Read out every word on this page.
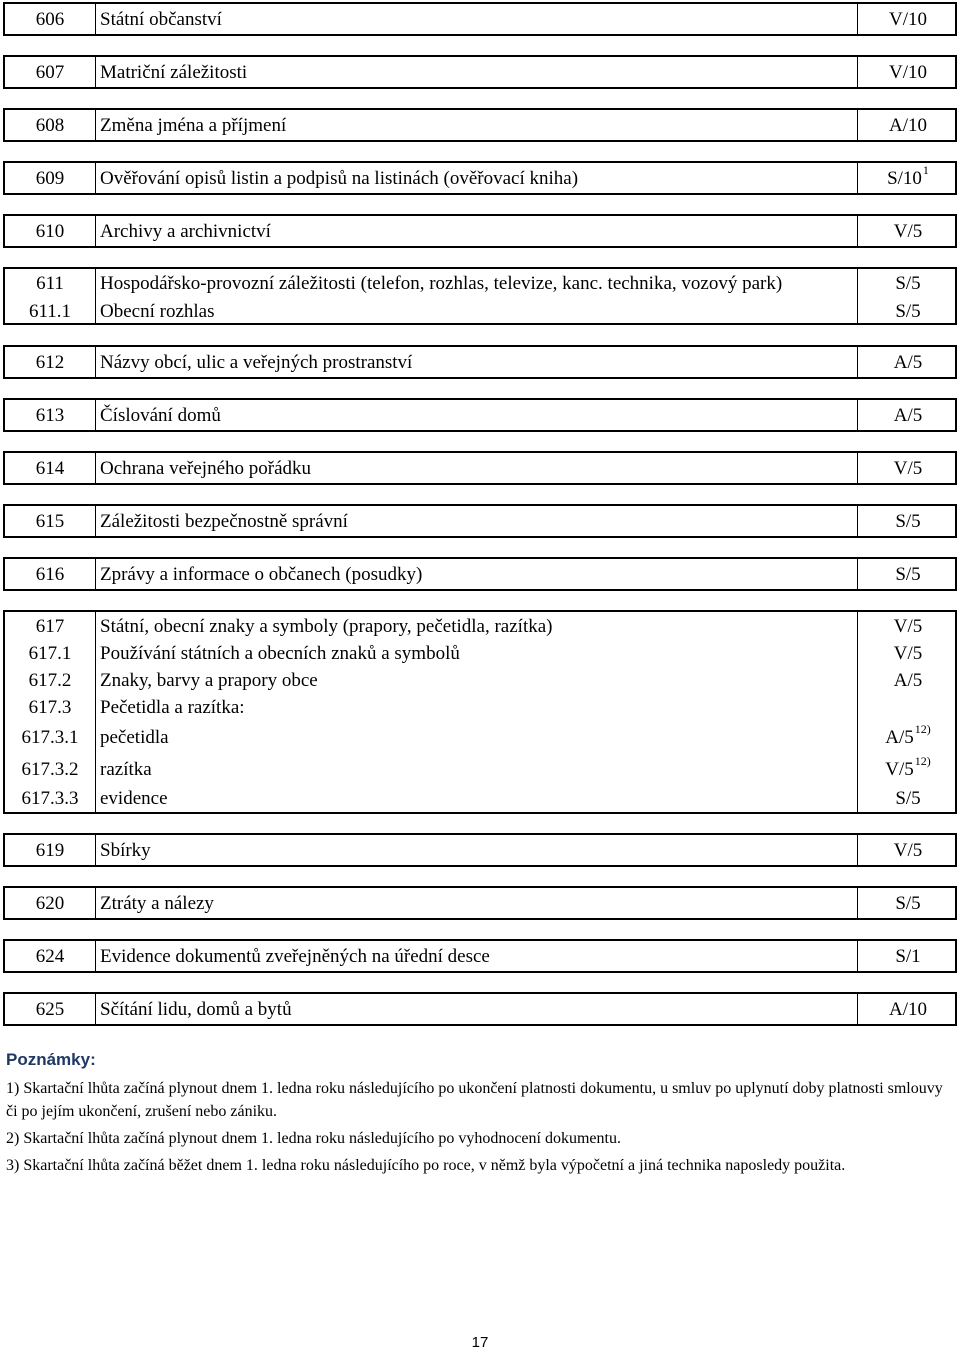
606	Státní občanství	V/10
607	Matriční záležitosti	V/10
608	Změna jména a příjmení	A/10
609	Ověřování opisů listin a podpisů na listinách (ověřovací kniha)	S/10 1
610	Archivy a archivnictví	V/5
611	Hospodářsko-provozní záležitosti (telefon, rozhlas, televize, kanc. technika, vozový park)	S/5
611.1	Obecní rozhlas	S/5
612	Názvy obcí, ulic a veřejných prostranství	A/5
613	Číslování domů	A/5
614	Ochrana veřejného pořádku	V/5
615	Záležitosti bezpečnostně správní	S/5
616	Zprávy a informace o občanech (posudky)	S/5
617	Státní, obecní znaky a symboly (prapory, pečetidla, razítka)	V/5
617.1	Používání státních a obecních znaků a symbolů	V/5
617.2	Znaky, barvy a prapory obce	A/5
617.3	Pečetidla a razítka:
617.3.1	pečetidla	A/5 12)
617.3.2	razítka	V/5 12)
617.3.3	evidence	S/5
619	Sbírky	V/5
620	Ztráty a nálezy	S/5
624	Evidence dokumentů zveřejněných na úřední desce	S/1
625	Sčítání lidu, domů a bytů	A/10
Poznámky:

1) Skartační lhůta začíná plynout dnem 1. ledna roku následujícího po ukončení platnosti dokumentu, u smluv po uplynutí doby platnosti smlouvy či po jejím ukončení, zrušení nebo zániku.

2) Skartační lhůta začíná plynout dnem 1. ledna roku následujícího po vyhodnocení dokumentu.

3) Skartační lhůta začíná běžet dnem 1. ledna roku následujícího po roce, v němž byla výpočetní a jiná technika naposledy použita.

17
